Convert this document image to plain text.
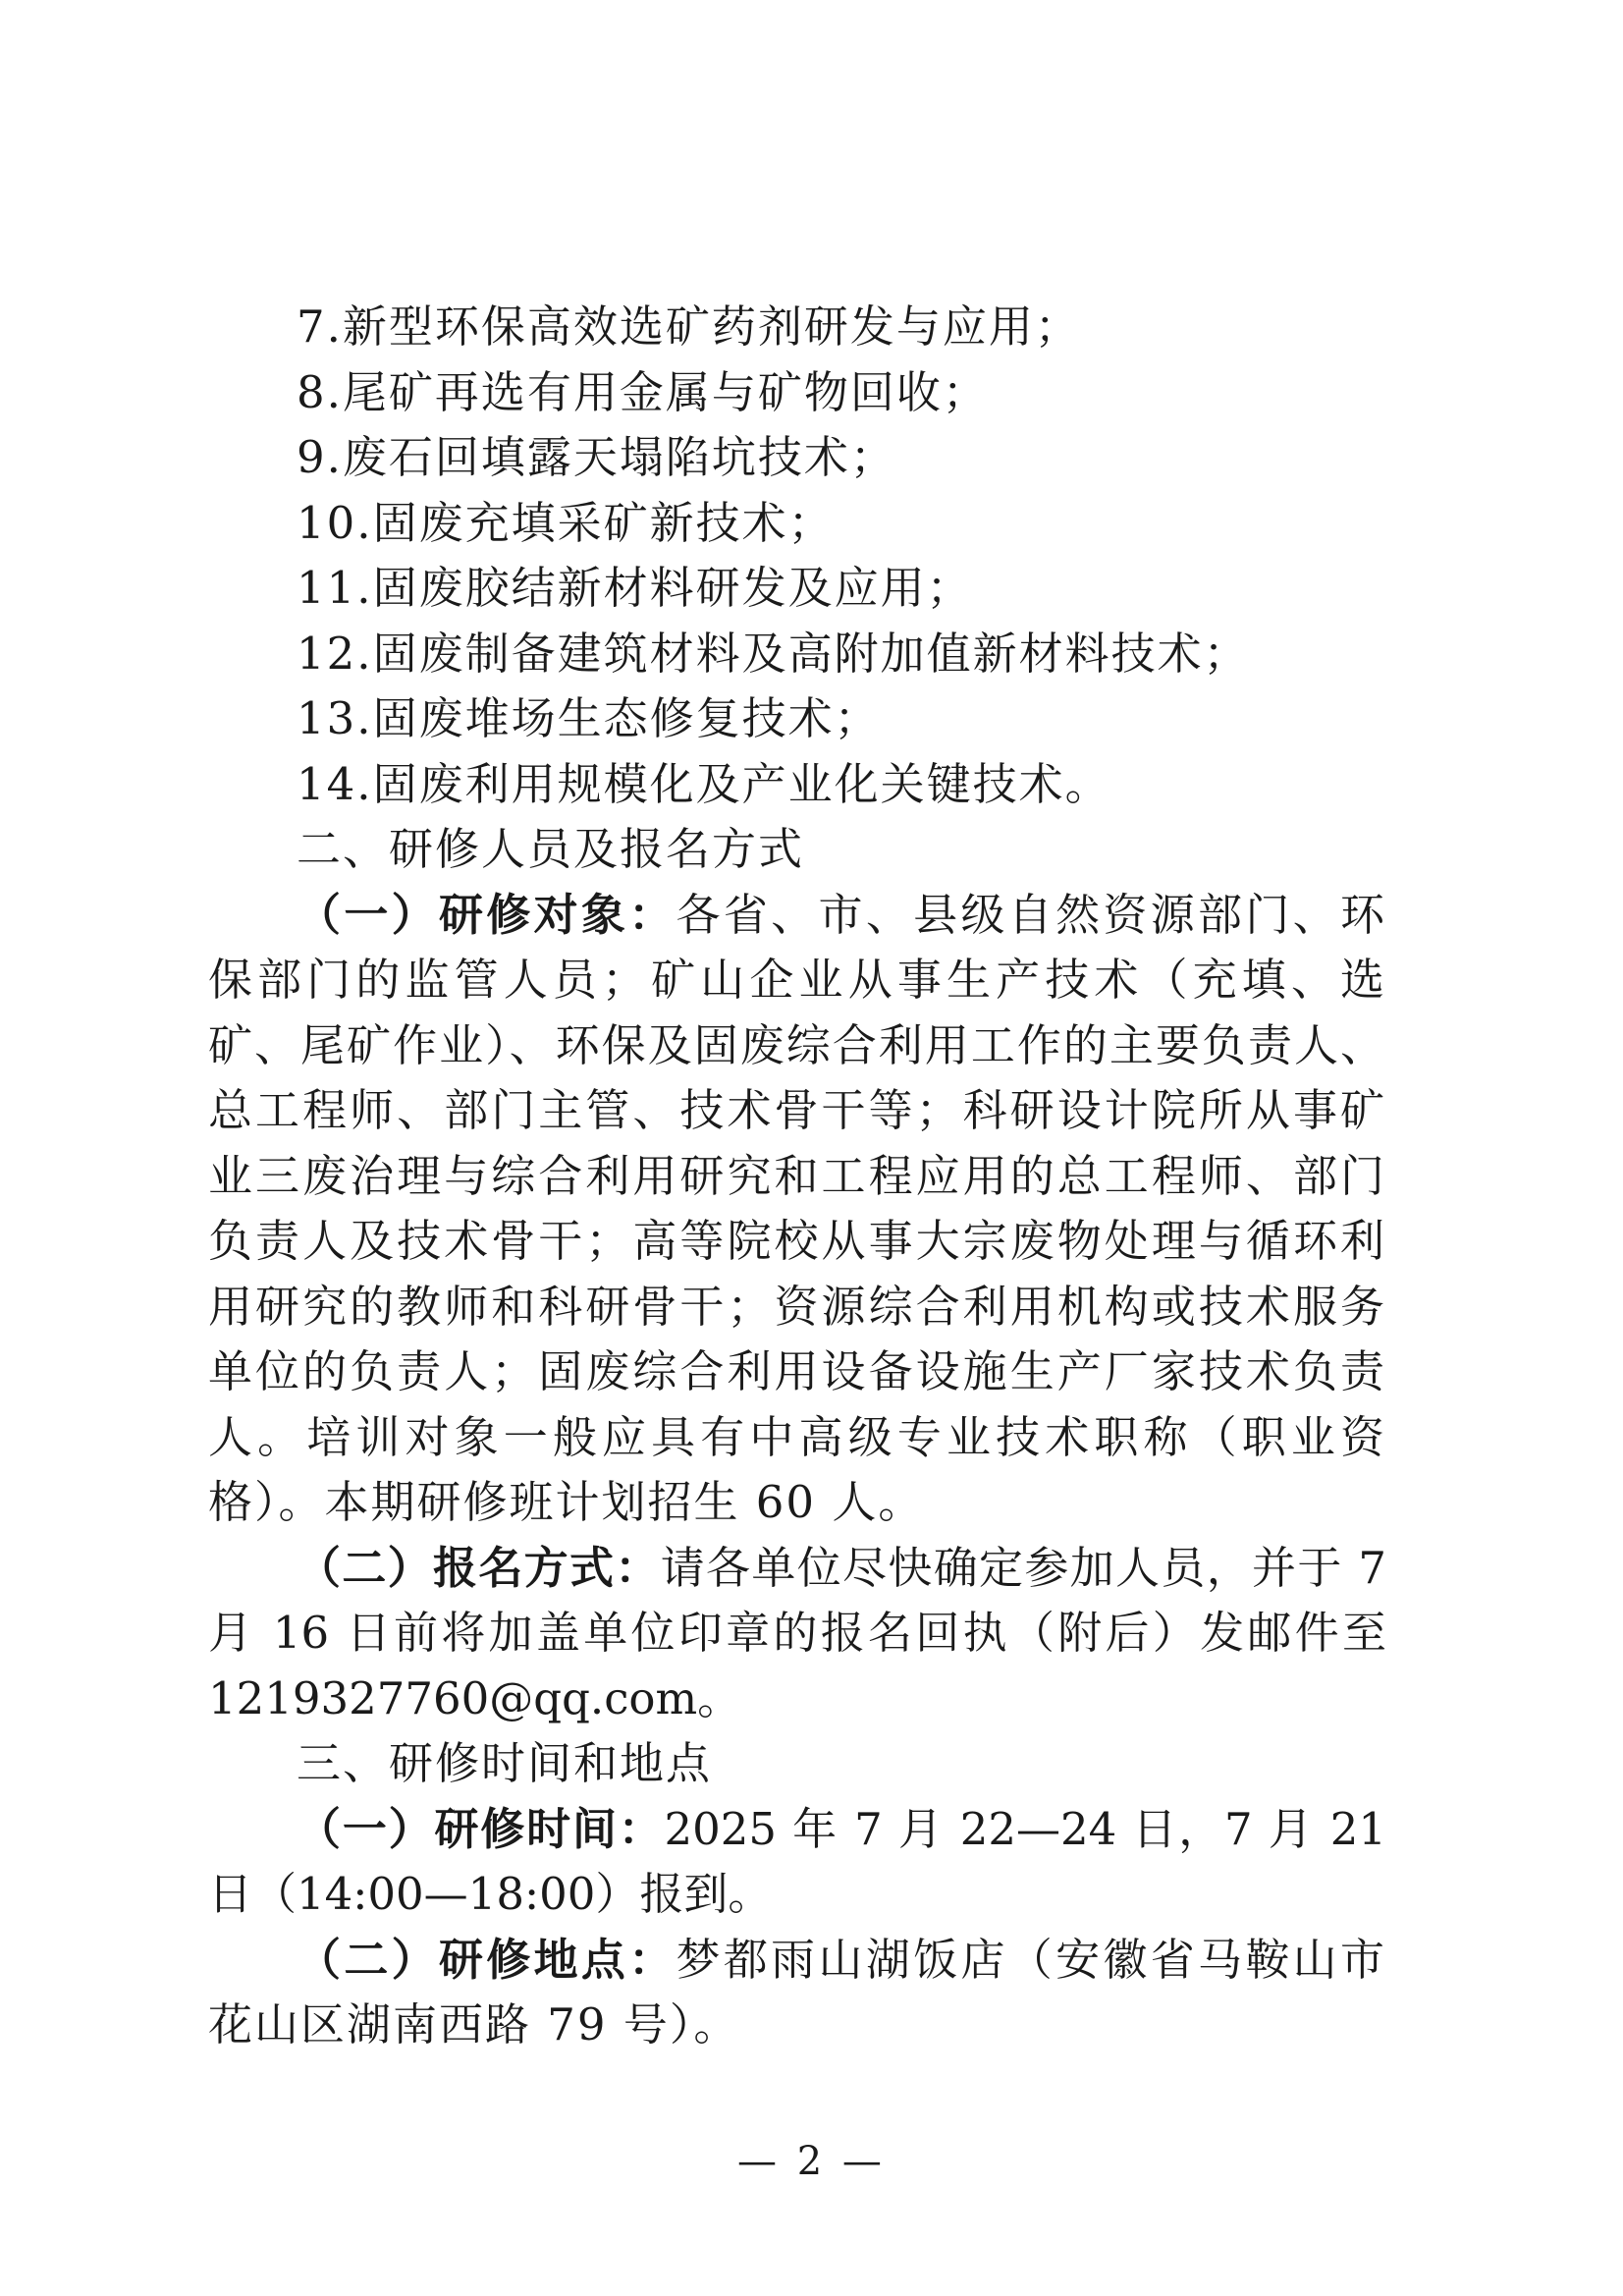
7.新型环保高效选矿药剂研发与应用；
8.尾矿再选有用金属与矿物回收；
9.废石回填露天塌陷坑技术；
10.固废充填采矿新技术；
11.固废胶结新材料研发及应用；
12.固废制备建筑材料及高附加值新材料技术；
13.固废堆场生态修复技术；
14.固废利用规模化及产业化关键技术。
二、研修人员及报名方式
（一）研修对象：各省、市、县级自然资源部门、环保部门的监管人员；矿山企业从事生产技术（充填、选矿、尾矿作业）、环保及固废综合利用工作的主要负责人、总工程师、部门主管、技术骨干等；科研设计院所从事矿业三废治理与综合利用研究和工程应用的总工程师、部门负责人及技术骨干；高等院校从事大宗废物处理与循环利用研究的教师和科研骨干；资源综合利用机构或技术服务单位的负责人；固废综合利用设备设施生产厂家技术负责人。培训对象一般应具有中高级专业技术职称（职业资格）。本期研修班计划招生 60 人。
（二）报名方式：请各单位尽快确定参加人员，并于 7 月 16 日前将加盖单位印章的报名回执（附后）发邮件至 1219327760@qq.com。
三、研修时间和地点
（一）研修时间：2025 年 7 月 22—24 日，7 月 21 日（14:00—18:00）报到。
（二）研修地点：梦都雨山湖饭店（安徽省马鞍山市花山区湖南西路 79 号）。
— 2 —
